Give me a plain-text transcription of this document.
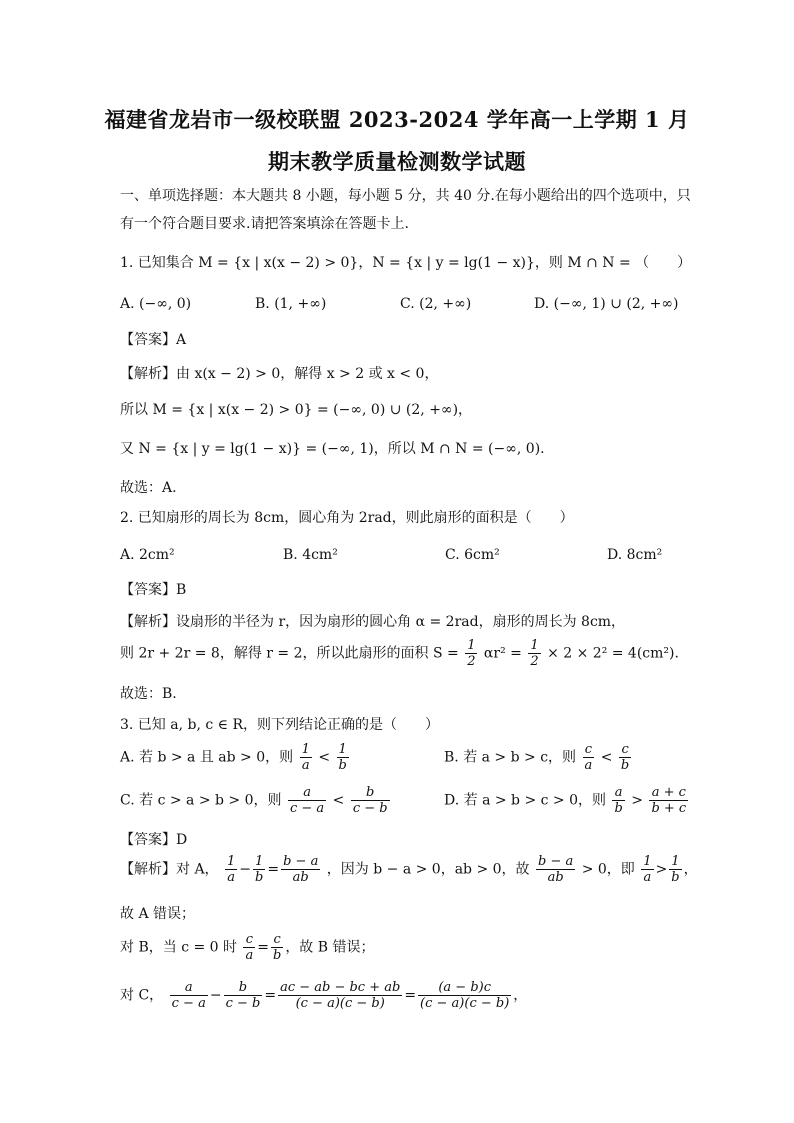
福建省龙岩市一级校联盟 2023-2024 学年高一上学期 1 月
期末教学质量检测数学试题
一、单项选择题：本大题共 8 小题，每小题 5 分，共 40 分.在每小题给出的四个选项中，只
有一个符合题目要求.请把答案填涂在答题卡上.
1. 已知集合 M = {x | x(x − 2) > 0}，N = {x | y = lg(1 − x)}，则 M ∩ N = （　　）
A. (−∞, 0)	B. (1, +∞)	C. (2, +∞)	D. (−∞, 1) ∪ (2, +∞)
【答案】A
【解析】由 x(x − 2) > 0，解得 x > 2 或 x < 0，
所以 M = {x | x(x − 2) > 0} = (−∞, 0) ∪ (2, +∞)，
又 N = {x | y = lg(1 − x)} = (−∞, 1)，所以 M ∩ N = (−∞, 0).
故选：A.
2. 已知扇形的周长为 8cm，圆心角为 2rad，则此扇形的面积是（　　）
A. 2cm²	B. 4cm²	C. 6cm²	D. 8cm²
【答案】B
【解析】设扇形的半径为 r，因为扇形的圆心角 α = 2rad，扇形的周长为 8cm，
则 2r + 2r = 8，解得 r = 2，所以此扇形的面积 $S = \frac{1}{2} \alpha r^2 = \frac{1}{2} \times 2 \times 2^2 = 4(cm^2)$.
故选：B.
3. 已知 a, b, c ∈ R，则下列结论正确的是（　　）
A. 若 b > a 且 ab > 0，则 $\frac{1}{a} < \frac{1}{b}$	B. 若 a > b > c，则 $\frac{c}{a} < \frac{c}{b}$
C. 若 c > a > b > 0，则 $\frac{a}{c - a} < \frac{b}{c - b}$	D. 若 a > b > c > 0，则 $\frac{a}{b} > \frac{a + c}{b + c}$
【答案】D
【解析】对 A， $\frac{1}{a} - \frac{1}{b} = \frac{b - a}{ab}$ ，因为 b − a > 0，ab > 0，故 $\frac{b - a}{ab} > 0$，即 $\frac{1}{a} > \frac{1}{b}$ ，
故 A 错误；
对 B，当 c = 0 时 $\frac{c}{a} = \frac{c}{b}$ ，故 B 错误；
对 C， $\frac{a}{c - a} - \frac{b}{c - b} = \frac{ac - ab - bc + ab}{(c - a)(c - b)} = \frac{(a - b)c}{(c - a)(c - b)}$ ，
